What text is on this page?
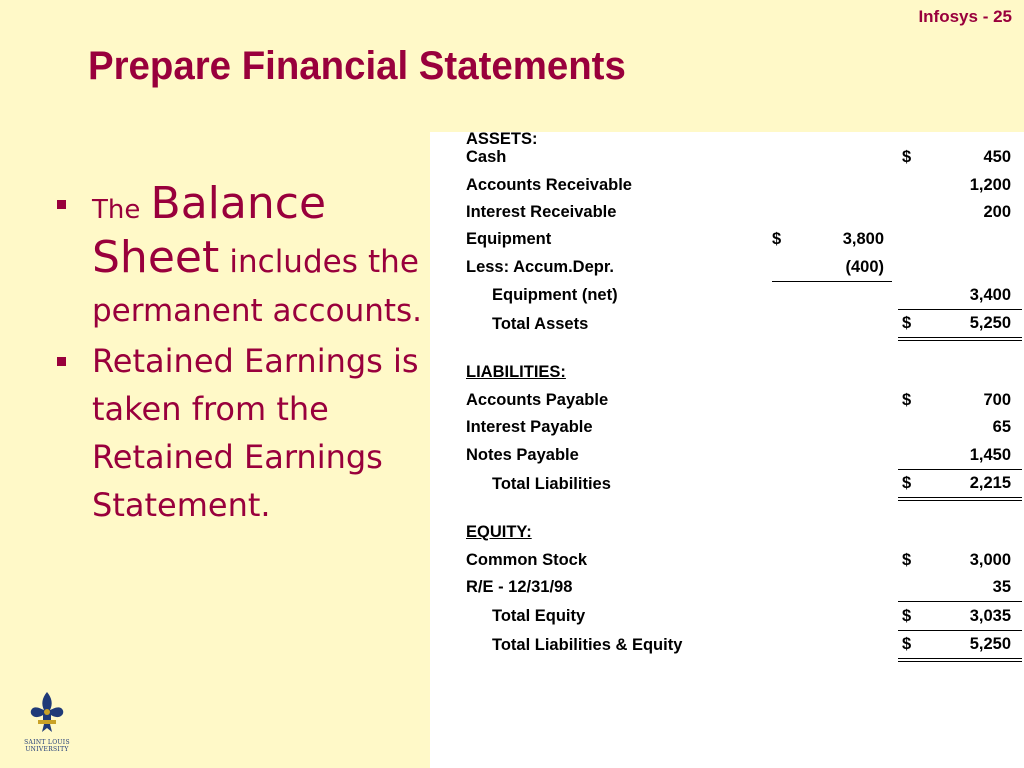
Infosys - 25
Prepare Financial Statements
The Balance Sheet includes the permanent accounts.
Retained Earnings is taken from the Retained Earnings Statement.
ASSETS:					
Cash				$	450
Accounts Receivable					1,200
Interest Receivable					200
Equipment	$	3,800			
Less: Accum.Depr.		(400)			
Equipment (net)					3,400
Total Assets				$	5,250

LIABILITIES:					
Accounts Payable				$	700
Interest Payable					65
Notes Payable					1,450
Total Liabilities				$	2,215

EQUITY:					
Common Stock				$	3,000
R/E - 12/31/98					35
Total Equity				$	3,035
Total Liabilities & Equity				$	5,250
SAINT LOUIS
UNIVERSITY
